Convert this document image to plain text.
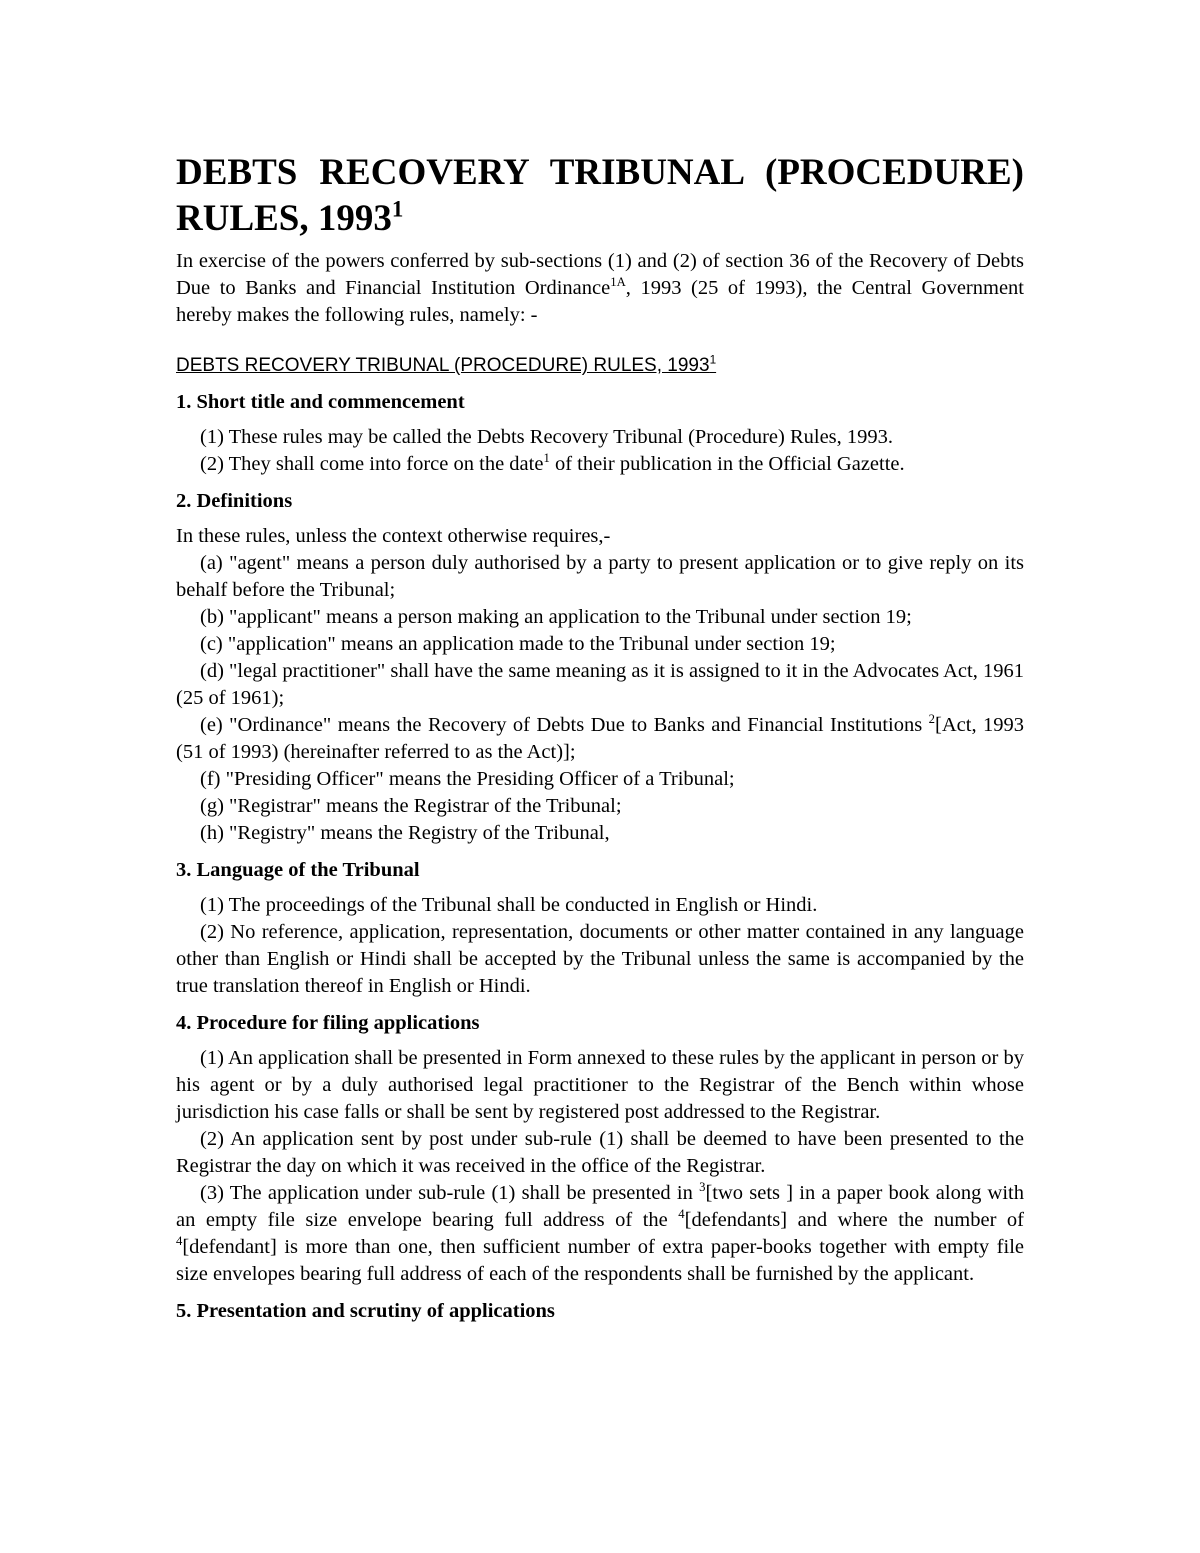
DEBTS RECOVERY TRIBUNAL (PROCEDURE)
RULES, 1993$^1$

In exercise of the powers conferred by sub-sections (1) and (2) of section 36 of the Recovery of Debts Due to Banks and Financial Institution Ordinance$^{1A}$, 1993 (25 of 1993), the Central Government hereby makes the following rules, namely: -

DEBTS RECOVERY TRIBUNAL (PROCEDURE) RULES, 1993$^1$
1. Short title and commencement

(1) These rules may be called the Debts Recovery Tribunal (Procedure) Rules, 1993.

(2) They shall come into force on the date$^1$ of their publication in the Official Gazette.

2. Definitions

In these rules, unless the context otherwise requires,-

(a) "agent" means a person duly authorised by a party to present application or to give reply on its behalf before the Tribunal;

(b) "applicant" means a person making an application to the Tribunal under section 19;

(c) "application" means an application made to the Tribunal under section 19;

(d) "legal practitioner" shall have the same meaning as it is assigned to it in the Advocates Act, 1961 (25 of 1961);

(e) "Ordinance" means the Recovery of Debts Due to Banks and Financial Institutions $^2$[Act, 1993 (51 of 1993) (hereinafter referred to as the Act)];

(f) "Presiding Officer" means the Presiding Officer of a Tribunal;

(g) "Registrar" means the Registrar of the Tribunal;

(h) "Registry" means the Registry of the Tribunal,

3. Language of the Tribunal

(1) The proceedings of the Tribunal shall be conducted in English or Hindi.

(2) No reference, application, representation, documents or other matter contained in any language other than English or Hindi shall be accepted by the Tribunal unless the same is accompanied by the true translation thereof in English or Hindi.

4. Procedure for filing applications

(1) An application shall be presented in Form annexed to these rules by the applicant in person or by his agent or by a duly authorised legal practitioner to the Registrar of the Bench within whose jurisdiction his case falls or shall be sent by registered post addressed to the Registrar.

(2) An application sent by post under sub-rule (1) shall be deemed to have been presented to the Registrar the day on which it was received in the office of the Registrar.

(3) The application under sub-rule (1) shall be presented in $^3$[two sets ] in a paper book along with an empty file size envelope bearing full address of the $^4$[defendants] and where the number of $^4$[defendant] is more than one, then sufficient number of extra paper-books together with empty file size envelopes bearing full address of each of the respondents shall be furnished by the applicant.

5. Presentation and scrutiny of applications
